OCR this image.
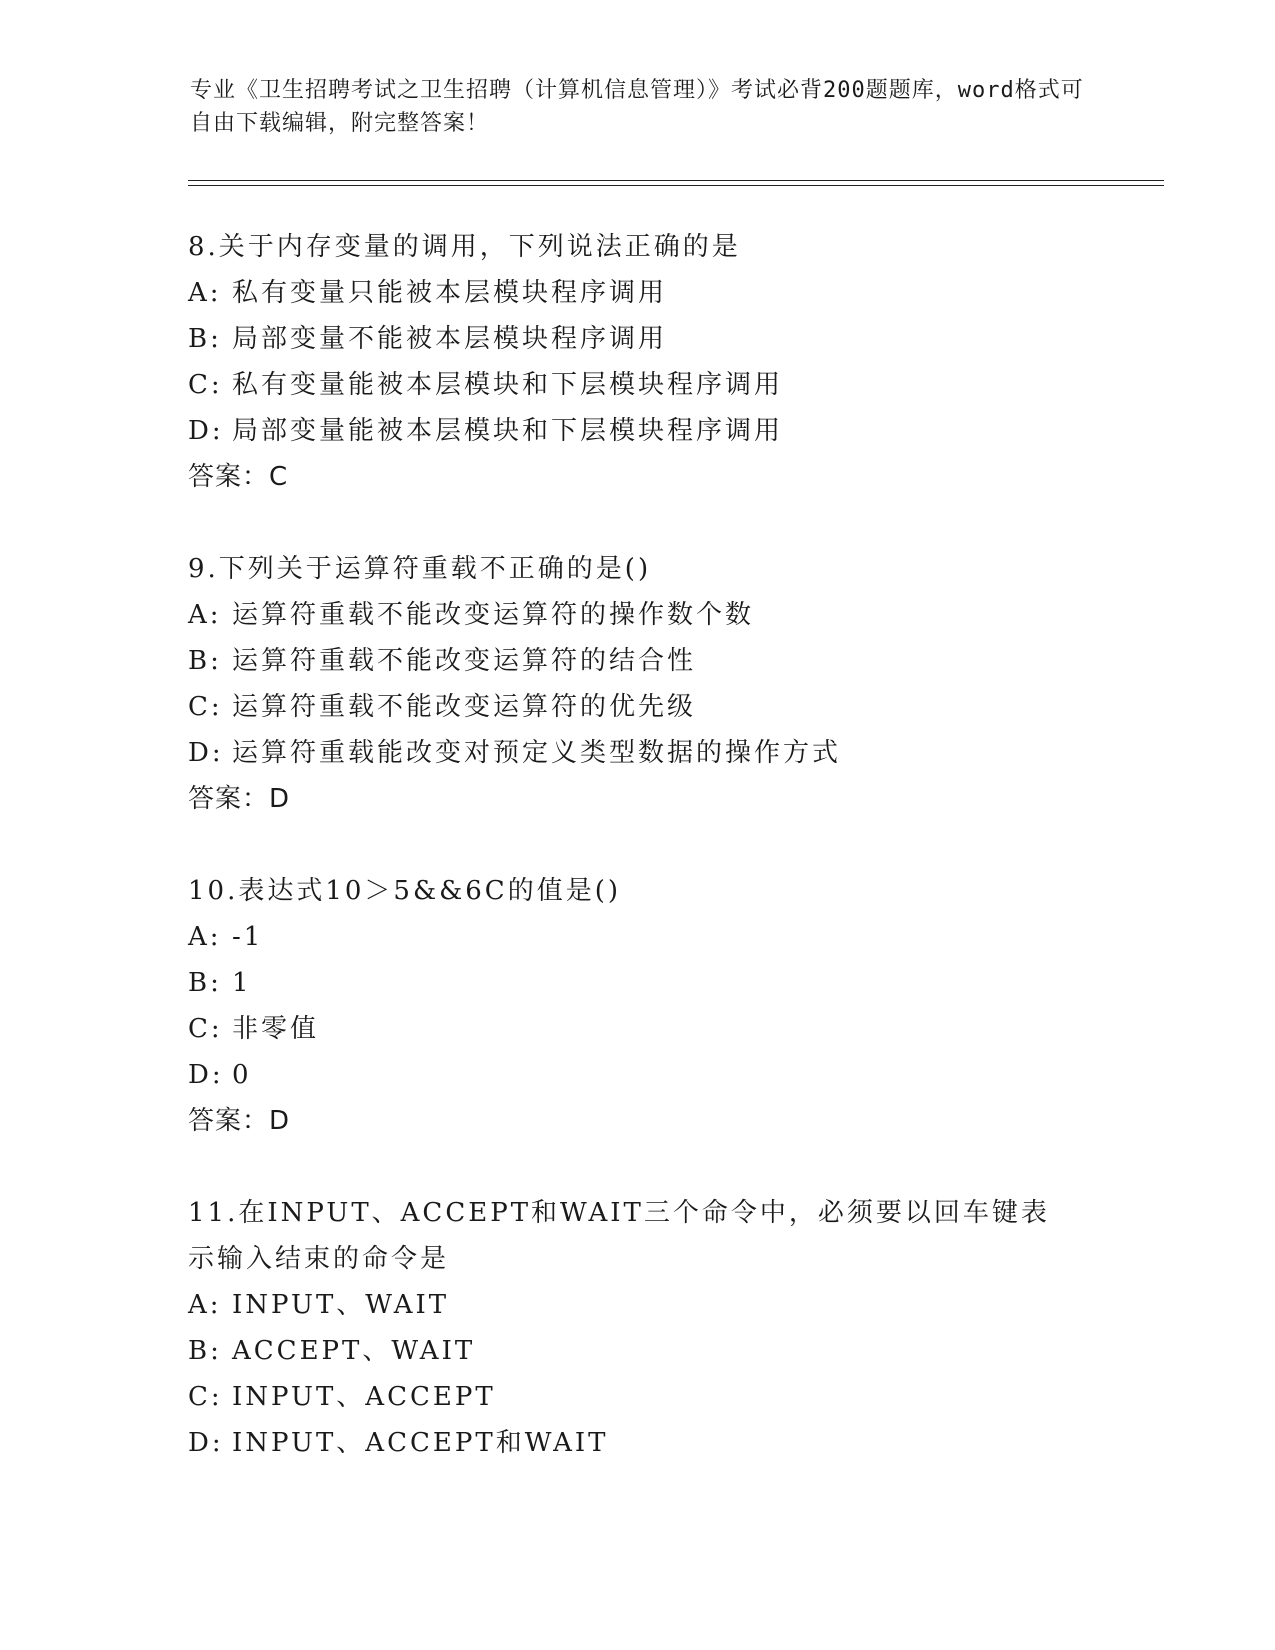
专业《卫生招聘考试之卫生招聘（计算机信息管理）》考试必背200题题库，word格式可自由下载编辑，附完整答案！
8.关于内存变量的调用，下列说法正确的是
A: 私有变量只能被本层模块程序调用
B: 局部变量不能被本层模块程序调用
C: 私有变量能被本层模块和下层模块程序调用
D: 局部变量能被本层模块和下层模块程序调用
答案：C
9.下列关于运算符重载不正确的是()
A: 运算符重载不能改变运算符的操作数个数
B: 运算符重载不能改变运算符的结合性
C: 运算符重载不能改变运算符的优先级
D: 运算符重载能改变对预定义类型数据的操作方式
答案：D
10.表达式10＞5&&6C的值是()
A: -1
B: 1
C: 非零值
D: 0
答案：D
11.在INPUT、ACCEPT和WAIT三个命令中，必须要以回车键表示输入结束的命令是
A: INPUT、WAIT
B: ACCEPT、WAIT
C: INPUT、ACCEPT
D: INPUT、ACCEPT和WAIT
